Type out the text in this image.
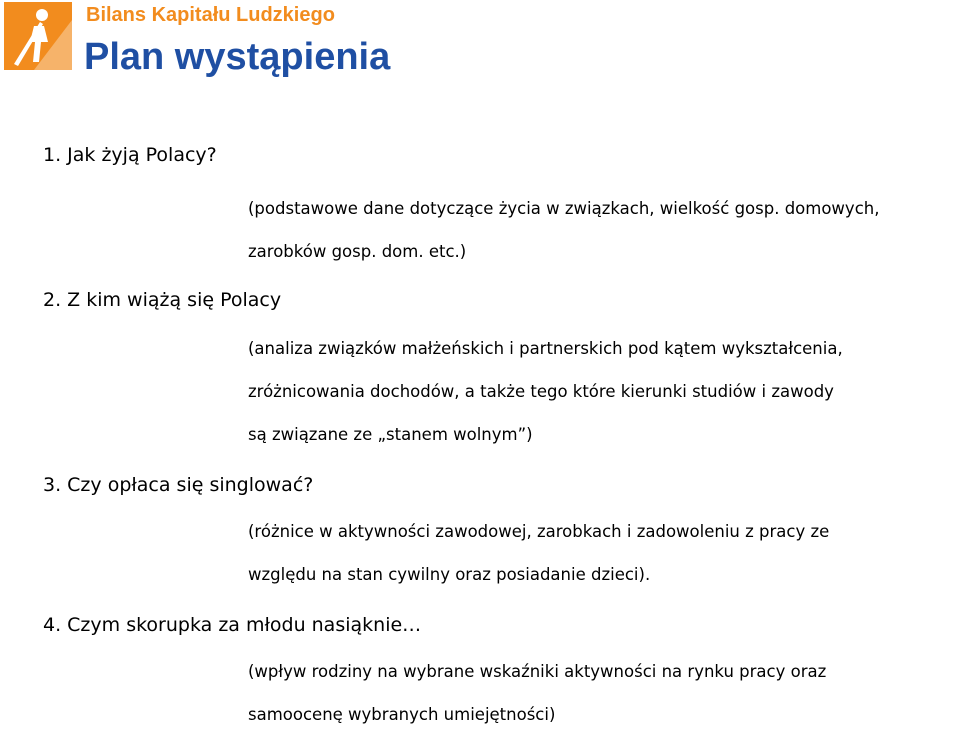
Bilans Kapitału Ludzkiego
Plan wystąpienia
1. Jak żyją Polacy?
(podstawowe dane dotyczące życia w związkach, wielkość gosp. domowych,
zarobków gosp. dom. etc.)
2. Z kim wiążą się Polacy
(analiza związków małżeńskich i partnerskich pod kątem wykształcenia,
zróżnicowania dochodów, a także tego które kierunki studiów i zawody
są związane ze „stanem wolnym”)
3. Czy opłaca się singlować?
(różnice w aktywności zawodowej, zarobkach i zadowoleniu z pracy ze
względu na stan cywilny oraz posiadanie dzieci).
4. Czym skorupka za młodu nasiąknie…
(wpływ rodziny na wybrane wskaźniki aktywności na rynku pracy oraz
samoocenę wybranych umiejętności)
